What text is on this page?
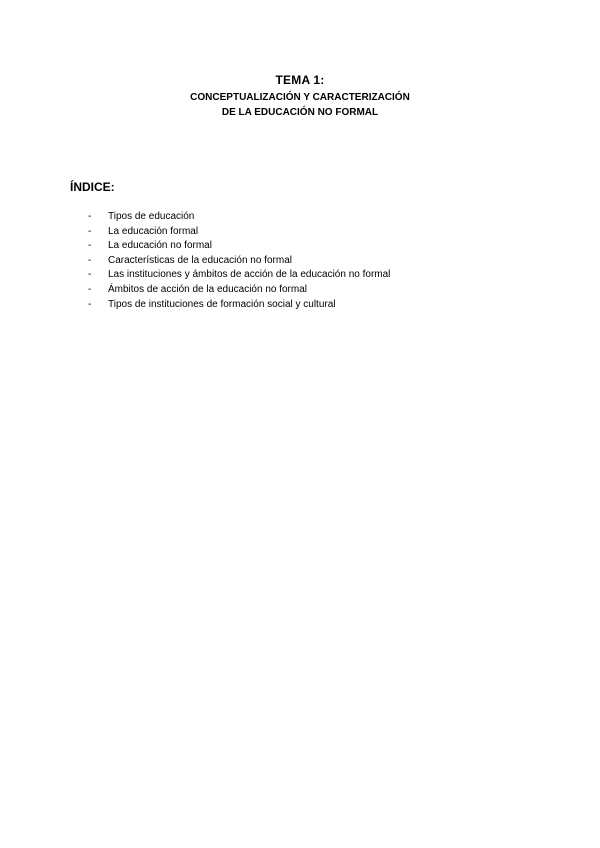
TEMA 1:

CONCEPTUALIZACIÓN Y CARACTERIZACIÓN

DE LA EDUCACIÓN NO FORMAL

ÍNDICE:

-	Tipos de educación
-	La educación formal
-	La educación no formal
-	Características de la educación no formal
-	Las instituciones y ámbitos de acción de la educación no formal
-	Ámbitos de acción de la educación no formal
-	Tipos de instituciones de formación social y cultural
